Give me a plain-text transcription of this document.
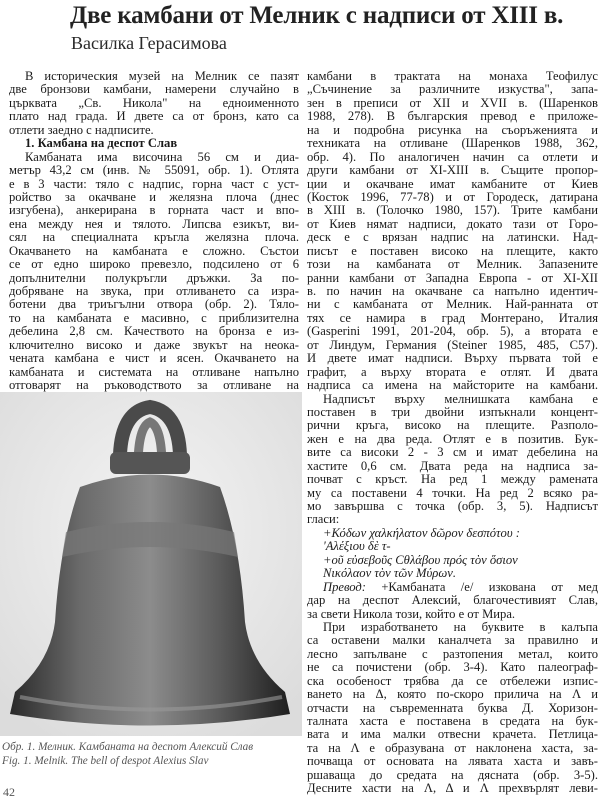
Две камбани от Мелник с надписи от XIII в.
Василка Герасимова
В историческия музей на Мелник се пазят
две бронзови камбани, намерени случайно в
църквата „Св. Никола" на едноименното
плато над града. И двете са от бронз, като са
отлети заедно с надписите.
1. Камбана на деспот Слав
Камбаната има височина 56 см и диа-
метър 43,2 см (инв. № 55091, обр. 1). Отлята
е в 3 части: тяло с надпис, горна част с уст-
ройство за окачване и желязна плоча (днес
изгубена), анкерирана в горната част и впо-
ена между нея и тялото. Липсва езикът, ви-
сял на специалната кръгла желязна плоча.
Окачването на камбаната е сложно. Състои
се от едно широко превезло, подсилено от 6
допълнителни полукръгли дръжки. За по-
добряване на звука, при отливането са изра-
ботени два триъгълни отвора (обр. 2). Тяло-
то на камбаната е масивно, с приблизителна
дебелина 2,8 см. Качеството на бронза е из-
ключително високо и даже звукът на неока-
чената камбана е чист и ясен. Окачването на
камбаната и системата на отливане напълно
отговарят на ръководството за отливане на
камбани в трактата на монаха Теофилус
„Съчинение за различните изкуства", запа-
зен в преписи от XII и XVII в. (Шаренков
1988, 278). В българския превод е приложе-
на и подробна рисунка на съоръженията и
техниката на отливане (Шаренков 1988, 362,
обр. 4). По аналогичен начин са отлети и
други камбани от XI-XIII в. Същите пропор-
ции и окачване имат камбаните от Киев
(Косток 1996, 77-78) и от Городеск, датирана
в XIII в. (Толочко 1980, 157). Трите камбани
от Киев нямат надписи, докато тази от Горо-
деск е с врязан надпис на латински. Над-
писът е поставен високо на плещите, както
този на камбаната от Мелник. Запазените
ранни камбани от Западна Европа - от XI-XII
в. по начин на окачване са напълно идентич-
ни с камбаната от Мелник. Най-ранната от
тях се намира в град Монтерано, Италия
(Gasperini 1991, 201-204, обр. 5), а втората е
от Линдум, Германия (Steiner 1985, 485, C57).
И двете имат надписи. Върху първата той е
графит, а върху втората е отлят. И двата
надписа са имена на майсторите на камбани.
Надписът върху мелнишката камбана е
поставен в три двойни изпъкнали концент-
рични кръга, високо на плещите. Разполо-
жен е на два реда. Отлят е в позитив. Бук-
вите са високи 2 - 3 см и имат дебелина на
хастите 0,6 см. Двата реда на надписа за-
почват с кръст. На ред 1 между рамената
му са поставени 4 точки. На ред 2 всяко ра-
мо завършва с точка (обр. 3, 5). Надписът
гласи:
+Κόδων χαλκήλατον δῶρον δεσπότου :
'Αλέξιου δὲ τ-
+οῦ εὐσεβοῦς Cθλάβου πρός τὸν ὅσιον
Νικόλαον τὸν τῶν Μύρων.
Превод: +Камбаната /е/ изкована от мед
дар на деспот Алексий, благочестивият Слав,
за свети Никола този, който е от Мира.
При изработването на буквите в калъпа
са оставени малки каналчета за правилно и
лесно запълване с разтопения метал, които
не са почистени (обр. 3-4). Като палеограф-
ска особеност трябва да се отбележи изпис-
ването на Δ, която по-скоро прилича на Λ и
отчасти на съвременната буква Д. Хоризон-
талната хаста е поставена в средата на бук-
вата и има малки отвесни крачета. Петлица-
та на Λ е образувана от наклонена хаста, за-
почваща от основата на лявата хаста и завъ-
ршаваща до средата на дясната (обр. 3-5).
Десните хасти на Λ, Δ и Λ прехвърлят леви-
Обр. 1. Мелник. Камбаната на деспот Алексий Слав
Fig. 1. Melnik. The bell of despot Alexius Slav
42
